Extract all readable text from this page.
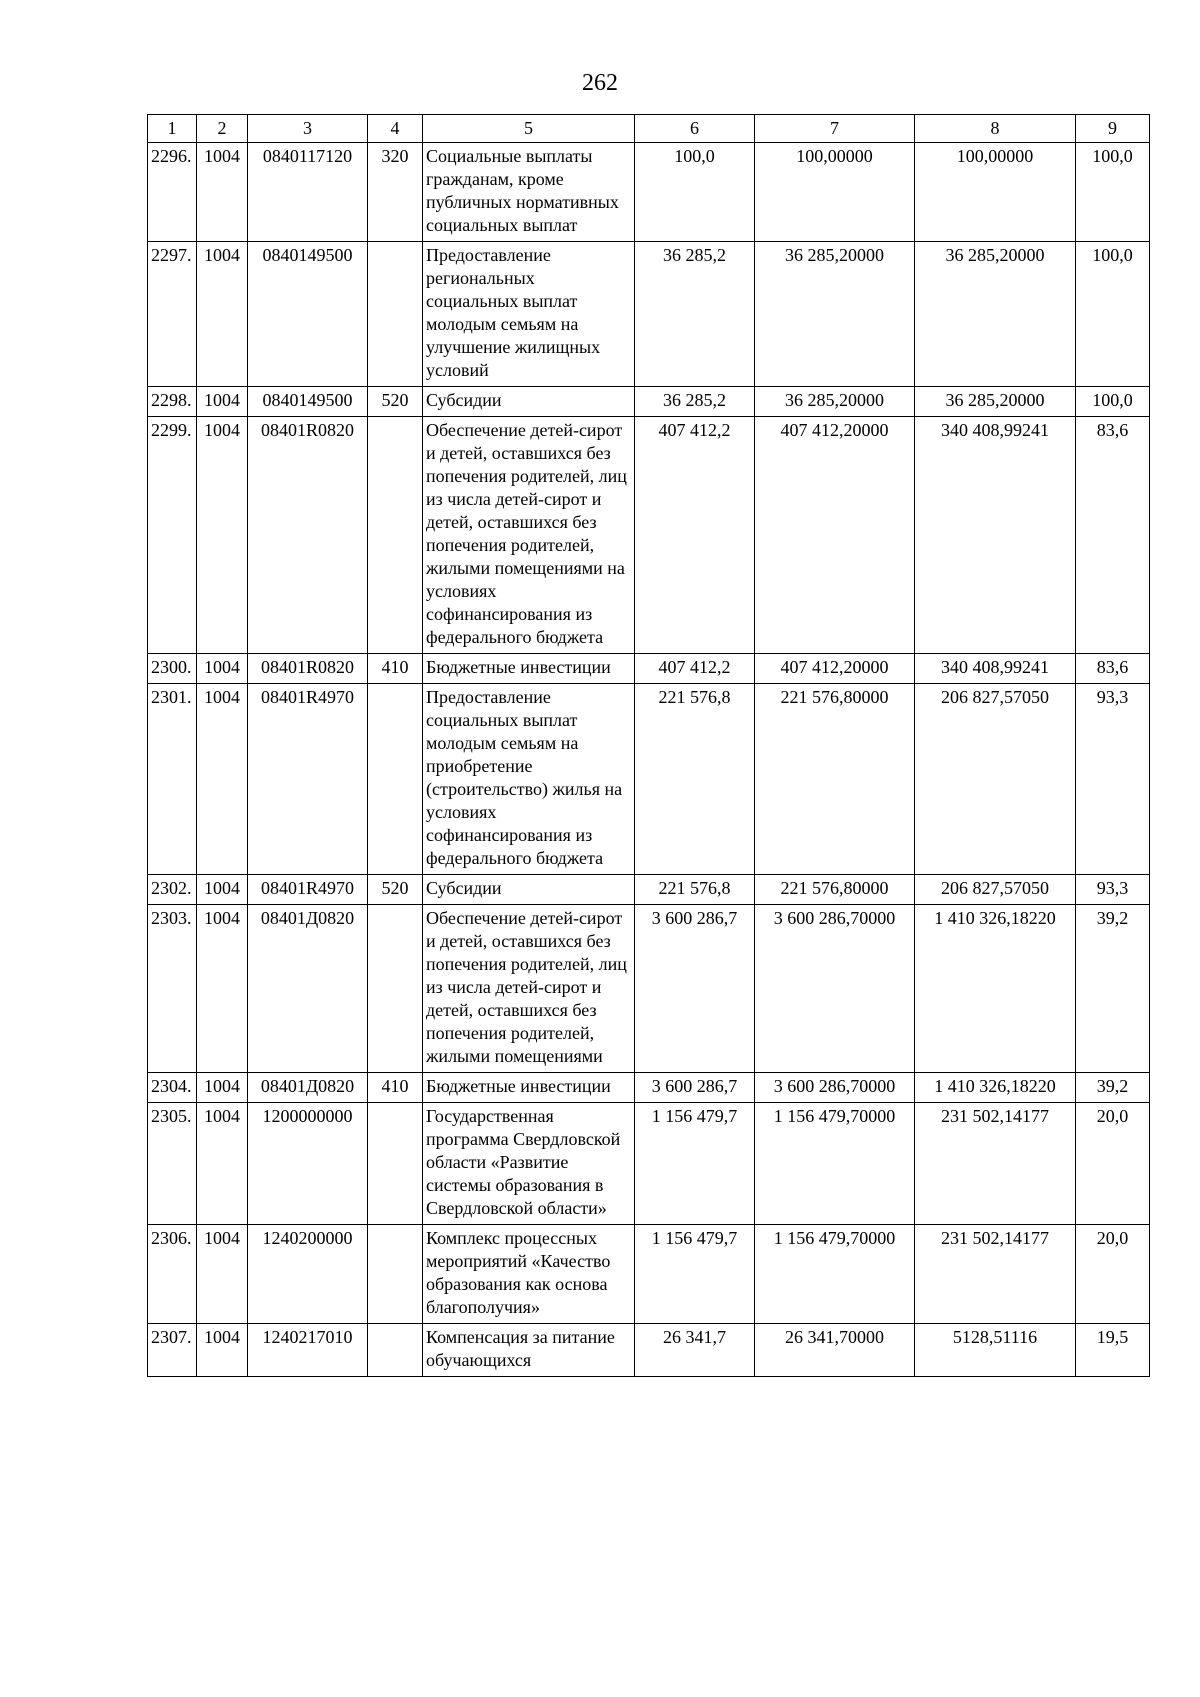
262
1	2	3	4	5	6	7	8	9
2296.	1004	0840117120	320	Социальные выплаты гражданам, кроме публичных нормативных социальных выплат	100,0	100,00000	100,00000	100,0
2297.	1004	0840149500		Предоставление региональных социальных выплат молодым семьям на улучшение жилищных условий	36 285,2	36 285,20000	36 285,20000	100,0
2298.	1004	0840149500	520	Субсидии	36 285,2	36 285,20000	36 285,20000	100,0
2299.	1004	08401R0820		Обеспечение детей-сирот и детей, оставшихся без попечения родителей, лиц из числа детей-сирот и детей, оставшихся без попечения родителей, жилыми помещениями на условиях софинансирования из федерального бюджета	407 412,2	407 412,20000	340 408,99241	83,6
2300.	1004	08401R0820	410	Бюджетные инвестиции	407 412,2	407 412,20000	340 408,99241	83,6
2301.	1004	08401R4970		Предоставление социальных выплат молодым семьям на приобретение (строительство) жилья на условиях софинансирования из федерального бюджета	221 576,8	221 576,80000	206 827,57050	93,3
2302.	1004	08401R4970	520	Субсидии	221 576,8	221 576,80000	206 827,57050	93,3
2303.	1004	08401Д0820		Обеспечение детей-сирот и детей, оставшихся без попечения родителей, лиц из числа детей-сирот и детей, оставшихся без попечения родителей, жилыми помещениями	3 600 286,7	3 600 286,70000	1 410 326,18220	39,2
2304.	1004	08401Д0820	410	Бюджетные инвестиции	3 600 286,7	3 600 286,70000	1 410 326,18220	39,2
2305.	1004	1200000000		Государственная программа Свердловской области «Развитие системы образования в Свердловской области»	1 156 479,7	1 156 479,70000	231 502,14177	20,0
2306.	1004	1240200000		Комплекс процессных мероприятий «Качество образования как основа благополучия»	1 156 479,7	1 156 479,70000	231 502,14177	20,0
2307.	1004	1240217010		Компенсация за питание обучающихся	26 341,7	26 341,70000	5128,51116	19,5
